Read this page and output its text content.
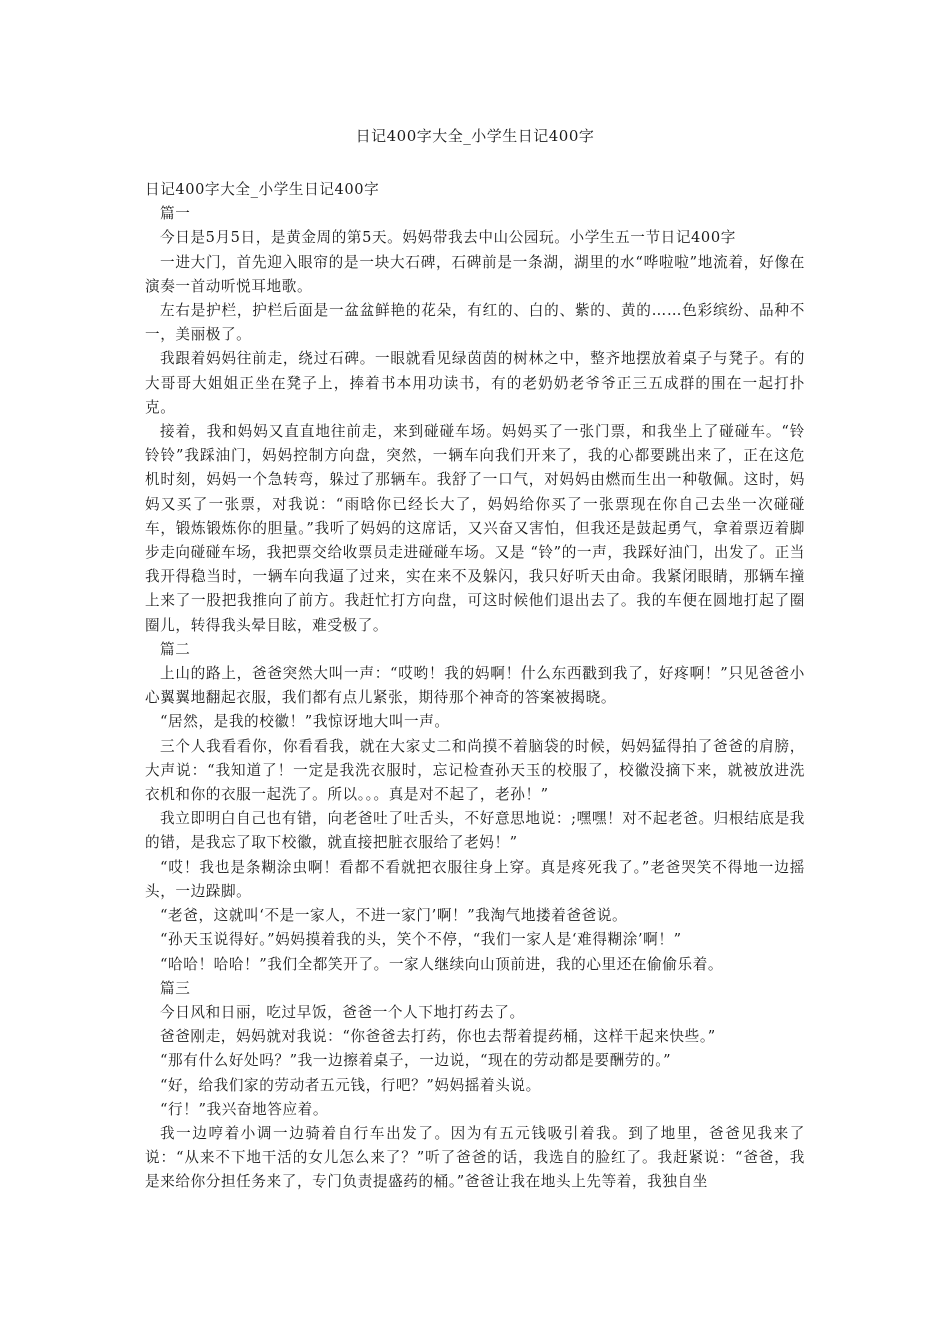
日记400字大全_小学生日记400字

日记400字大全_小学生日记400字

篇一

今日是5月5日，是黄金周的第5天。妈妈带我去中山公园玩。小学生五一节日记400字

一进大门，首先迎入眼帘的是一块大石碑，石碑前是一条湖，湖里的水“哗啦啦”地流着，好像在演奏一首动听悦耳地歌。

左右是护栏，护栏后面是一盆盆鲜艳的花朵，有红的、白的、紫的、黄的……色彩缤纷、品种不一，美丽极了。

我跟着妈妈往前走，绕过石碑。一眼就看见绿茵茵的树林之中，整齐地摆放着桌子与凳子。有的大哥哥大姐姐正坐在凳子上，捧着书本用功读书，有的老奶奶老爷爷正三五成群的围在一起打扑克。

接着，我和妈妈又直直地往前走，来到碰碰车场。妈妈买了一张门票，和我坐上了碰碰车。“铃铃铃”我踩油门，妈妈控制方向盘，突然，一辆车向我们开来了，我的心都要跳出来了，正在这危机时刻，妈妈一个急转弯，躲过了那辆车。我舒了一口气，对妈妈由燃而生出一种敬佩。这时，妈妈又买了一张票，对我说：“雨晗你已经长大了，妈妈给你买了一张票现在你自己去坐一次碰碰车，锻炼锻炼你的胆量。”我听了妈妈的这席话，又兴奋又害怕，但我还是鼓起勇气，拿着票迈着脚步走向碰碰车场，我把票交给收票员走进碰碰车场。又是 “铃”的一声，我踩好油门，出发了。正当我开得稳当时，一辆车向我逼了过来，实在来不及躲闪，我只好听天由命。我紧闭眼睛，那辆车撞上来了一股把我推向了前方。我赶忙打方向盘，可这时候他们退出去了。我的车便在圆地打起了圈圈儿，转得我头晕目眩，难受极了。

篇二

上山的路上，爸爸突然大叫一声：“哎哟！我的妈啊！什么东西戳到我了，好疼啊！”只见爸爸小心翼翼地翻起衣服，我们都有点儿紧张，期待那个神奇的答案被揭晓。

“居然，是我的校徽！”我惊讶地大叫一声。

三个人我看看你，你看看我，就在大家丈二和尚摸不着脑袋的时候，妈妈猛得拍了爸爸的肩膀，大声说：“我知道了！一定是我洗衣服时，忘记检查孙天玉的校服了，校徽没摘下来，就被放进洗衣机和你的衣服一起洗了。所以。。。真是对不起了，老孙！”

我立即明白自己也有错，向老爸吐了吐舌头，不好意思地说：;嘿嘿！对不起老爸。归根结底是我的错，是我忘了取下校徽，就直接把脏衣服给了老妈！”

“哎！我也是条糊涂虫啊！看都不看就把衣服往身上穿。真是疼死我了。”老爸哭笑不得地一边摇头，一边跺脚。

“老爸，这就叫‘不是一家人，不进一家门’啊！”我淘气地搂着爸爸说。

“孙天玉说得好。”妈妈摸着我的头，笑个不停，“我们一家人是‘难得糊涂’啊！”

“哈哈！哈哈！”我们全都笑开了。一家人继续向山顶前进，我的心里还在偷偷乐着。

篇三

今日风和日丽，吃过早饭，爸爸一个人下地打药去了。

爸爸刚走，妈妈就对我说：“你爸爸去打药，你也去帮着提药桶，这样干起来快些。”

“那有什么好处吗？”我一边擦着桌子，一边说，“现在的劳动都是要酬劳的。”

“好，给我们家的劳动者五元钱，行吧？”妈妈摇着头说。

“行！”我兴奋地答应着。

我一边哼着小调一边骑着自行车出发了。因为有五元钱吸引着我。到了地里，爸爸见我来了说：“从来不下地干活的女儿怎么来了？”听了爸爸的话，我选自的脸红了。我赶紧说：“爸爸，我是来给你分担任务来了，专门负责提盛药的桶。”爸爸让我在地头上先等着，我独自坐
